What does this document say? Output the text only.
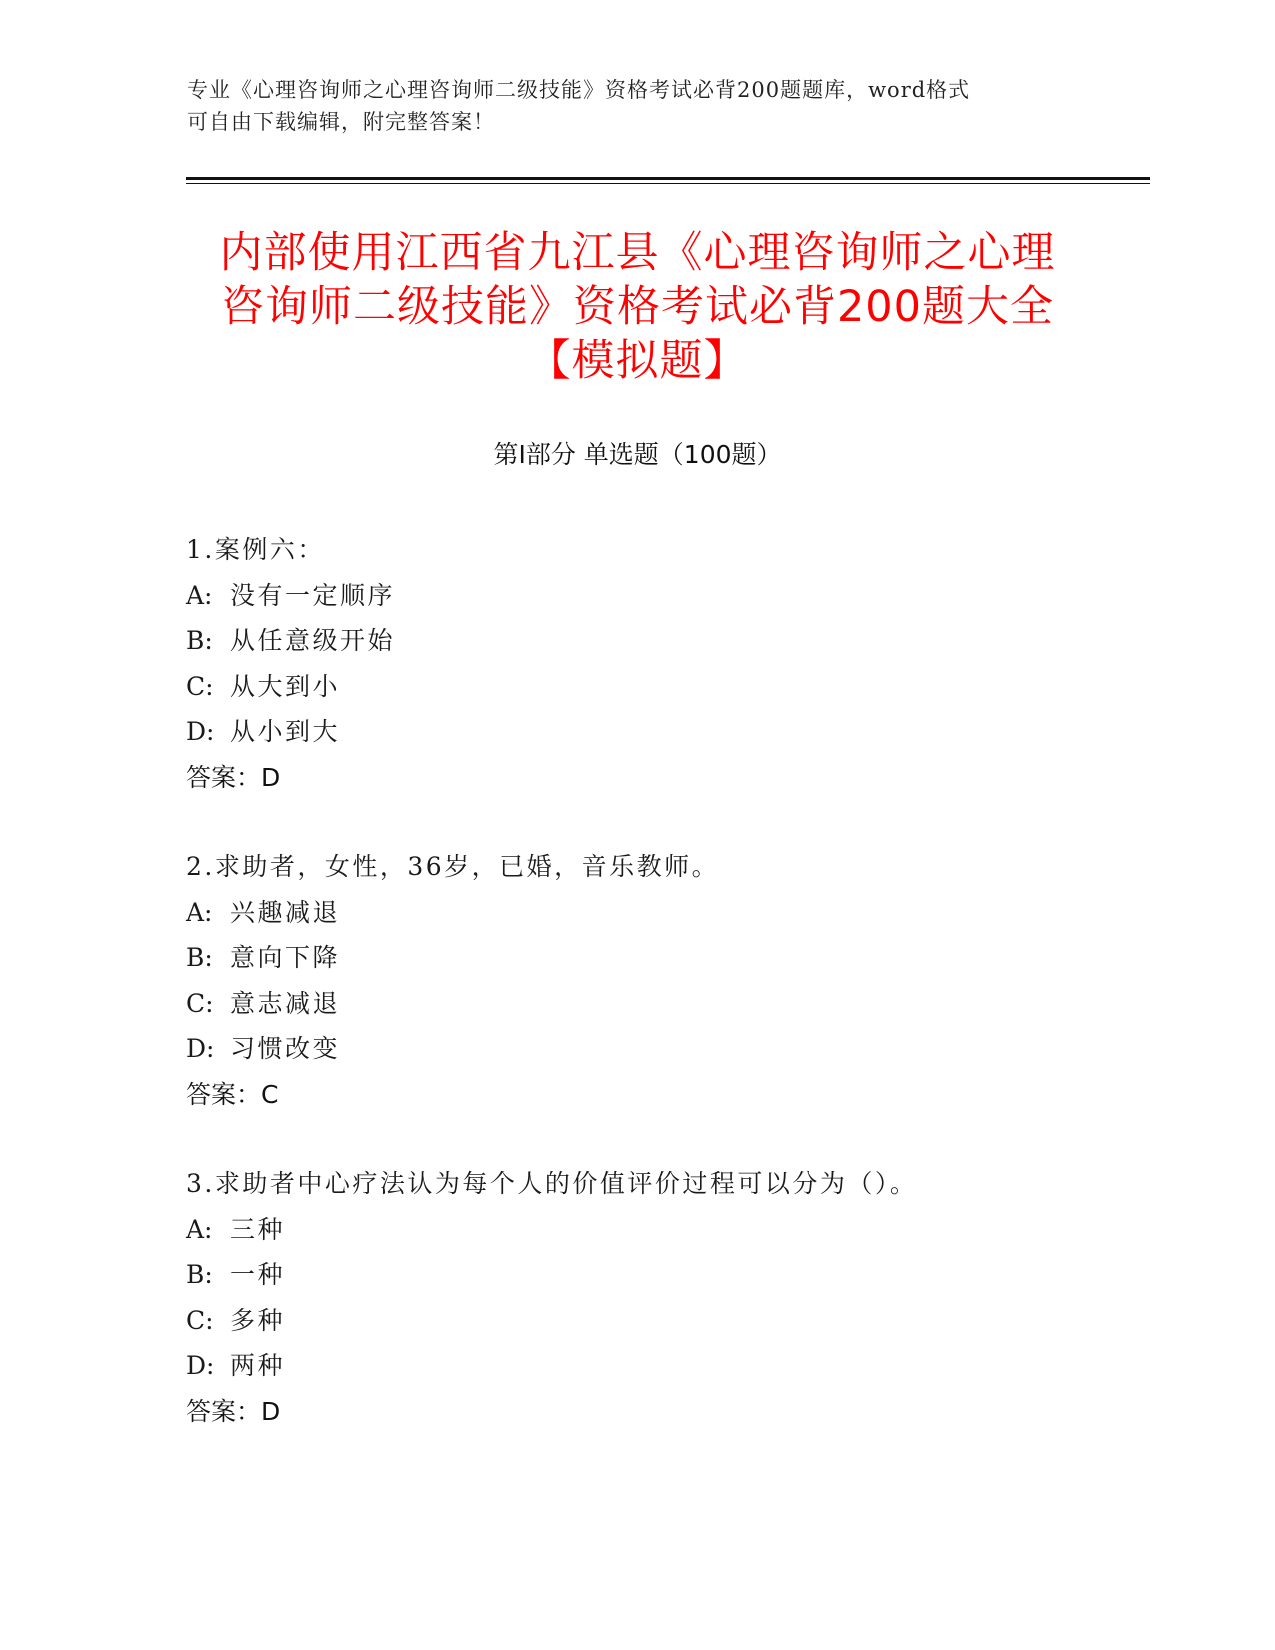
专业《心理咨询师之心理咨询师二级技能》资格考试必背200题题库，word格式
可自由下载编辑，附完整答案！
内部使用江西省九江县《心理咨询师之心理
咨询师二级技能》资格考试必背200题大全
【模拟题】
第Ⅰ部分 单选题（100题）
1.案例六：
A: 没有一定顺序
B: 从任意级开始
C: 从大到小
D: 从小到大
答案：D
2.求助者，女性，36岁，已婚，音乐教师。
A: 兴趣减退
B: 意向下降
C: 意志减退
D: 习惯改变
答案：C
3.求助者中心疗法认为每个人的价值评价过程可以分为（）。
A: 三种
B: 一种
C: 多种
D: 两种
答案：D
